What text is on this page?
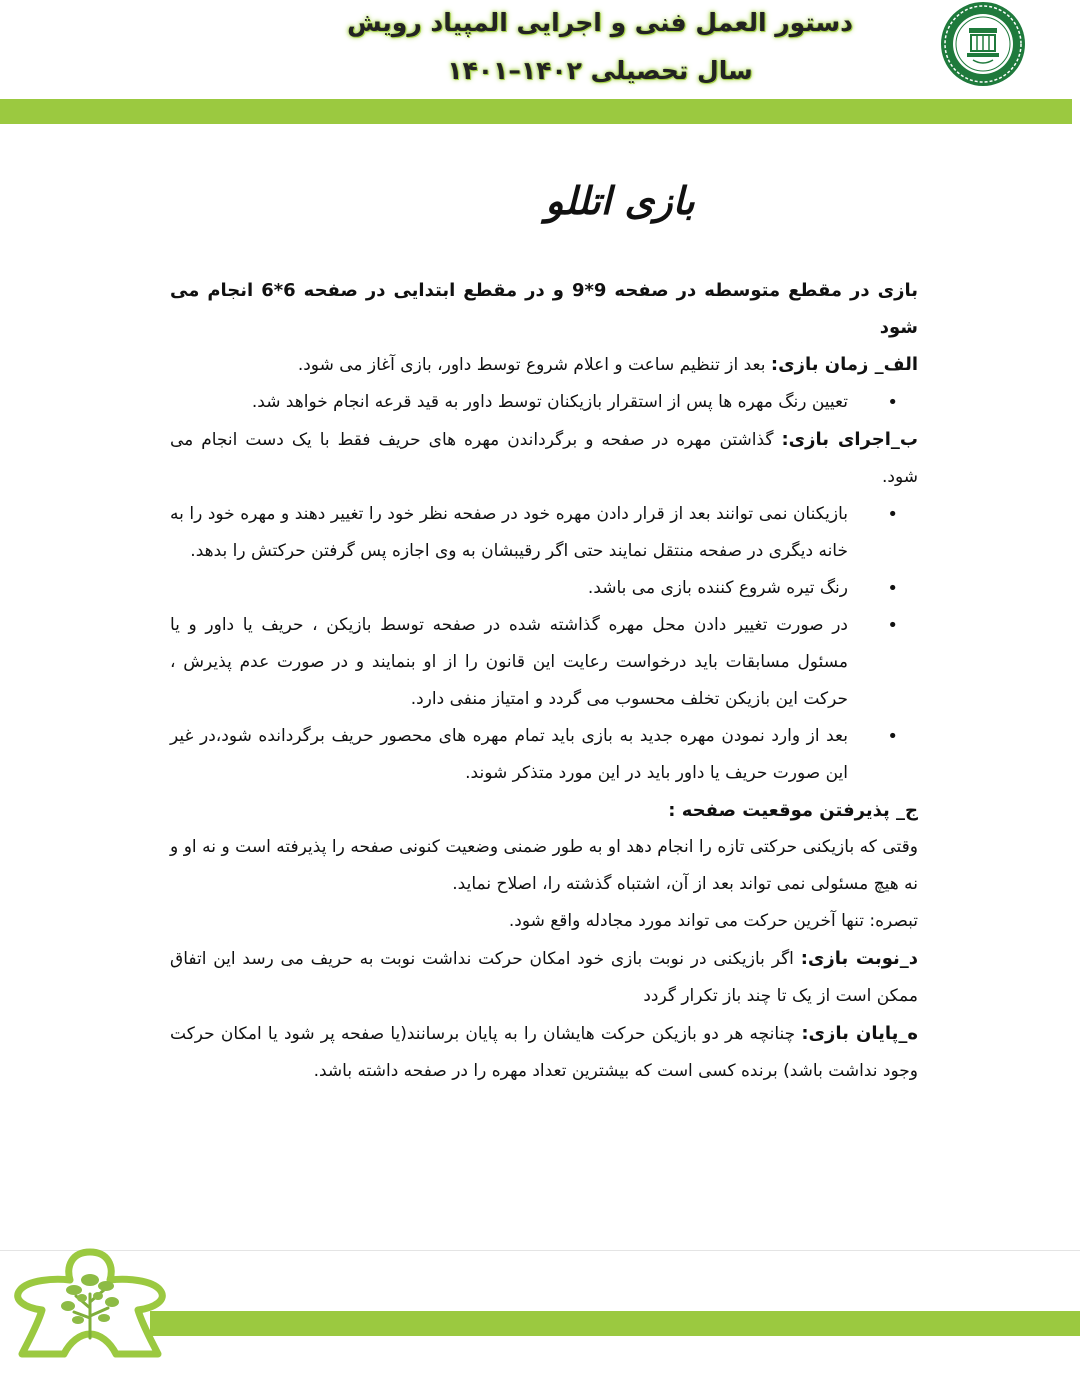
دستور العمل فنی و اجرایی المپیاد رویش
سال تحصیلی ۱۴۰۲–۱۴۰۱
بازی اتللو

بازی در مقطع متوسطه در صفحه 9*9 و در مقطع ابتدایی در صفحه 6*6 انجام می شود

الف_ زمان بازی: بعد از تنظیم ساعت و اعلام شروع توسط داور، بازی آغاز می شود.

• تعیین رنگ مهره ها پس از استقرار بازیکنان توسط داور به قید قرعه انجام خواهد شد.

ب_اجرای بازی: گذاشتن مهره در صفحه و برگرداندن مهره های حریف فقط با یک دست انجام می شود.

• بازیکنان نمی توانند بعد از قرار دادن مهره خود در صفحه نظر خود را تغییر دهند و مهره خود را به خانه دیگری در صفحه منتقل نمایند حتی اگر رقیبشان به وی اجازه پس گرفتن حرکتش را بدهد.
• رنگ تیره شروع کننده بازی می باشد.
• در صورت تغییر دادن محل مهره گذاشته شده در صفحه توسط بازیکن ، حریف یا داور و یا مسئول مسابقات باید درخواست رعایت این قانون را از او بنمایند و در صورت عدم پذیرش ، حرکت این بازیکن تخلف محسوب می گردد و امتیاز منفی دارد.
• بعد از وارد نمودن مهره جدید به بازی باید تمام مهره های محصور حریف برگردانده شود،در غیر این صورت حریف یا داور باید در این مورد متذکر شوند.

ج_ پذیرفتن موقعیت صفحه :

وقتی که بازیکنی حرکتی تازه را انجام دهد او به طور ضمنی وضعیت کنونی صفحه را پذیرفته است و نه او و نه هیچ مسئولی نمی تواند بعد از آن، اشتباه گذشته را، اصلاح نماید.

تبصره: تنها آخرین حرکت می تواند مورد مجادله واقع شود.

د_نوبت بازی: اگر بازیکنی در نوبت بازی خود امکان حرکت نداشت نوبت به حریف می رسد این اتفاق ممکن است از یک تا چند باز تکرار گردد

ه_پایان بازی: چنانچه هر دو بازیکن حرکت هایشان را به پایان برسانند(یا صفحه پر شود یا امکان حرکت وجود نداشت باشد) برنده کسی است که بیشترین تعداد مهره را در صفحه داشته باشد.
